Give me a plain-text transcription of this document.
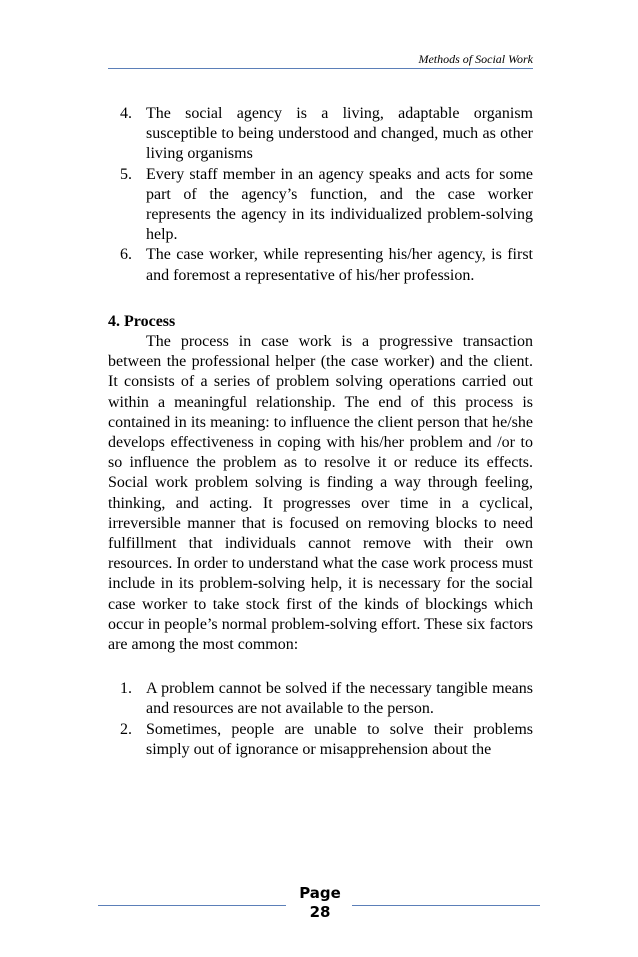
Methods of Social Work
4. The social agency is a living, adaptable organism susceptible to being understood and changed, much as other living organisms
5. Every staff member in an agency speaks and acts for some part of the agency’s function, and the case worker represents the agency in its individualized problem-solving help.
6. The case worker, while representing his/her agency, is first and foremost a representative of his/her profession.
4. Process

The process in case work is a progressive transaction between the professional helper (the case worker) and the client. It consists of a series of problem solving operations carried out within a meaningful relationship. The end of this process is contained in its meaning: to influence the client person that he/she develops effectiveness in coping with his/her problem and /or to so influence the problem as to resolve it or reduce its effects. Social work problem solving is finding a way through feeling, thinking, and acting. It progresses over time in a cyclical, irreversible manner that is focused on removing blocks to need fulfillment that individuals cannot remove with their own resources. In order to understand what the case work process must include in its problem-solving help, it is necessary for the social case worker to take stock first of the kinds of blockings which occur in people’s normal problem-solving effort. These six factors are among the most common:

1. A problem cannot be solved if the necessary tangible means and resources are not available to the person.
2. Sometimes, people are unable to solve their problems simply out of ignorance or misapprehension about the
Page
28
